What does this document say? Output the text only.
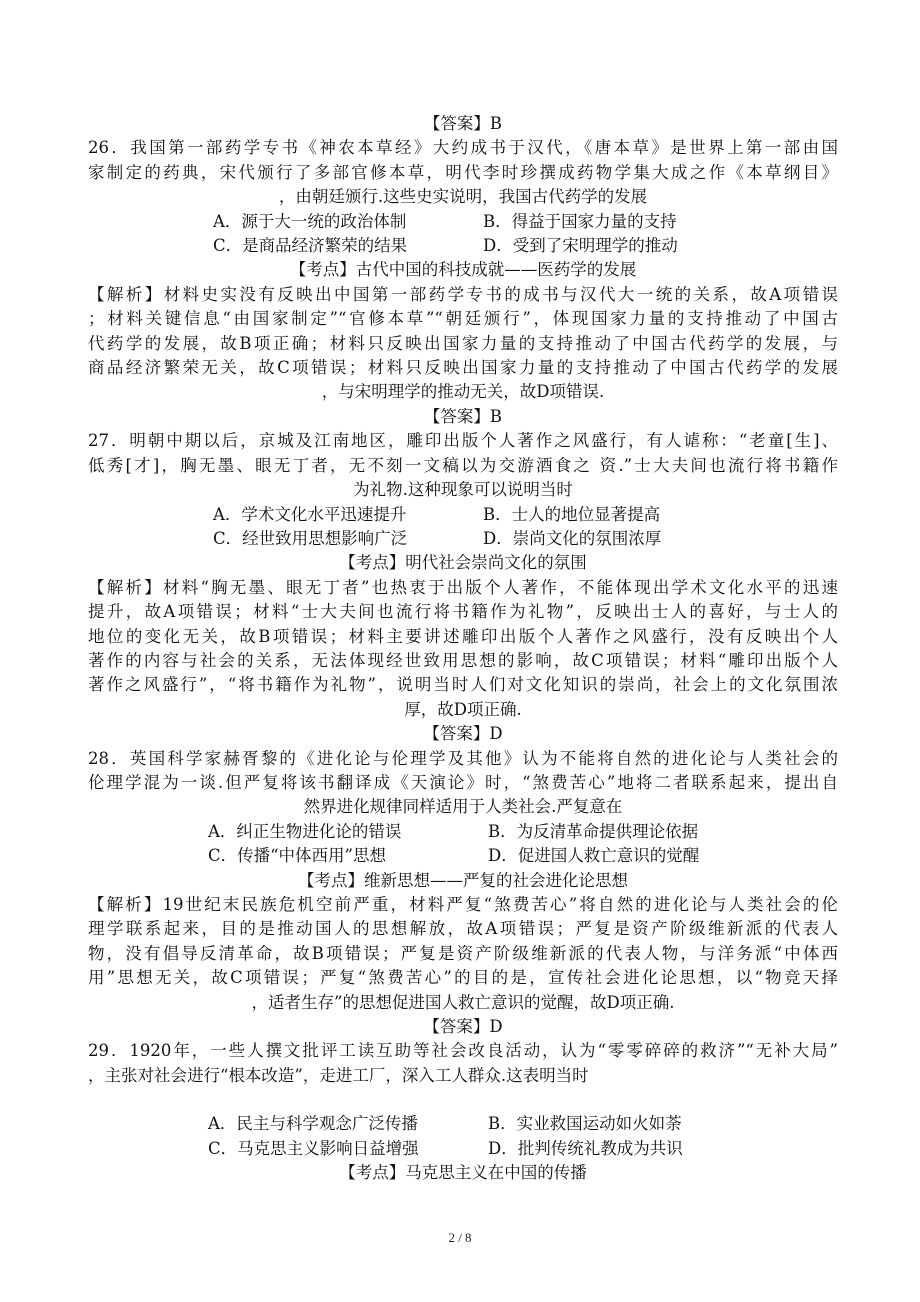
【答案】B
26．我国第一部药学专书《神农本草经》大约成书于汉代，《唐本草》是世界上第一部由国
家制定的药典，宋代颁行了多部官修本草，明代李时珍撰成药物学集大成之作《本草纲目》
，由朝廷颁行.这些史实说明，我国古代药学的发展
A．源于大一统的政治体制	B．得益于国家力量的支持
C．是商品经济繁荣的结果	D．受到了宋明理学的推动
【考点】古代中国的科技成就——医药学的发展
【解析】材料史实没有反映出中国第一部药学专书的成书与汉代大一统的关系，故A项错误
；材料关键信息“由国家制定”“官修本草”“朝廷颁行”，体现国家力量的支持推动了中国古
代药学的发展，故B项正确；材料只反映出国家力量的支持推动了中国古代药学的发展，与
商品经济繁荣无关，故C项错误；材料只反映出国家力量的支持推动了中国古代药学的发展
，与宋明理学的推动无关，故D项错误.
【答案】B
27．明朝中期以后，京城及江南地区，雕印出版个人著作之风盛行，有人谑称：“老童[生]、
低秀[才]，胸无墨、眼无丁者，无不刻一文稿以为交游酒食之 资.”士大夫间也流行将书籍作
为礼物.这种现象可以说明当时
A．学术文化水平迅速提升	B．士人的地位显著提高
C．经世致用思想影响广泛	D．崇尚文化的氛围浓厚
【考点】明代社会崇尚文化的氛围
【解析】材料“胸无墨、眼无丁者”也热衷于出版个人著作，不能体现出学术文化水平的迅速
提升，故A项错误；材料“士大夫间也流行将书籍作为礼物”，反映出士人的喜好，与士人的
地位的变化无关，故B项错误；材料主要讲述雕印出版个人著作之风盛行，没有反映出个人
著作的内容与社会的关系，无法体现经世致用思想的影响，故C项错误；材料“雕印出版个人
著作之风盛行”，“将书籍作为礼物”，说明当时人们对文化知识的崇尚，社会上的文化氛围浓
厚，故D项正确.
【答案】D
28．英国科学家赫胥黎的《进化论与伦理学及其他》认为不能将自然的进化论与人类社会的
伦理学混为一谈.但严复将该书翻译成《天演论》时，“煞费苦心”地将二者联系起来，提出自
然界进化规律同样适用于人类社会.严复意在
A．纠正生物进化论的错误	B．为反清革命提供理论依据
C．传播“中体西用”思想	D．促进国人救亡意识的觉醒
【考点】维新思想——严复的社会进化论思想
【解析】19世纪末民族危机空前严重，材料严复“煞费苦心”将自然的进化论与人类社会的伦
理学联系起来，目的是推动国人的思想解放，故A项错误；严复是资产阶级维新派的代表人
物，没有倡导反清革命，故B项错误；严复是资产阶级维新派的代表人物，与洋务派“中体西
用”思想无关，故C项错误；严复“煞费苦心”的目的是，宣传社会进化论思想，以“物竞天择
，适者生存”的思想促进国人救亡意识的觉醒，故D项正确.
【答案】D
29．1920年，一些人撰文批评工读互助等社会改良活动，认为“零零碎碎的救济”“无补大局”
，主张对社会进行“根本改造”，走进工厂，深入工人群众.这表明当时
A．民主与科学观念广泛传播	B．实业救国运动如火如荼
C．马克思主义影响日益增强	D．批判传统礼教成为共识
【考点】马克思主义在中国的传播
2 / 8
